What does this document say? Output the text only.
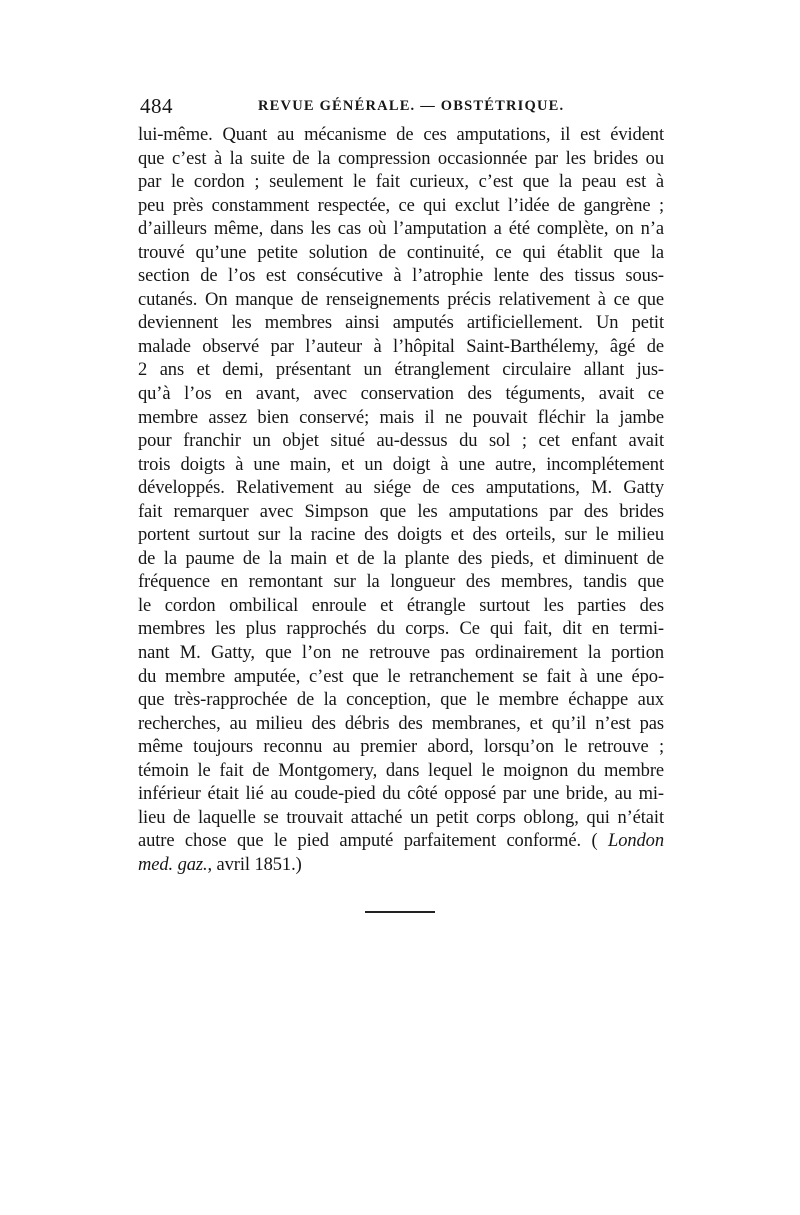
484	REVUE GÉNÉRALE. — OBSTÉTRIQUE.
lui-même. Quant au mécanisme de ces amputations, il est évident
que c’est à la suite de la compression occasionnée par les brides ou
par le cordon ; seulement le fait curieux, c’est que la peau est à
peu près constamment respectée, ce qui exclut l’idée de gangrène ;
d’ailleurs même, dans les cas où l’amputation a été complète, on n’a
trouvé qu’une petite solution de continuité, ce qui établit que la
section de l’os est consécutive à l’atrophie lente des tissus sous-
cutanés. On manque de renseignements précis relativement à ce que
deviennent les membres ainsi amputés artificiellement. Un petit
malade observé par l’auteur à l’hôpital Saint-Barthélemy, âgé de
2 ans et demi, présentant un étranglement circulaire allant jus-
qu’à l’os en avant, avec conservation des téguments, avait ce
membre assez bien conservé; mais il ne pouvait fléchir la jambe
pour franchir un objet situé au-dessus du sol ; cet enfant avait
trois doigts à une main, et un doigt à une autre, incomplétement
développés. Relativement au siége de ces amputations, M. Gatty
fait remarquer avec Simpson que les amputations par des brides
portent surtout sur la racine des doigts et des orteils, sur le milieu
de la paume de la main et de la plante des pieds, et diminuent de
fréquence en remontant sur la longueur des membres, tandis que
le cordon ombilical enroule et étrangle surtout les parties des
membres les plus rapprochés du corps. Ce qui fait, dit en termi-
nant M. Gatty, que l’on ne retrouve pas ordinairement la portion
du membre amputée, c’est que le retranchement se fait à une épo-
que très-rapprochée de la conception, que le membre échappe aux
recherches, au milieu des débris des membranes, et qu’il n’est pas
même toujours reconnu au premier abord, lorsqu’on le retrouve ;
témoin le fait de Montgomery, dans lequel le moignon du membre
inférieur était lié au coude-pied du côté opposé par une bride, au mi-
lieu de laquelle se trouvait attaché un petit corps oblong, qui n’était
autre chose que le pied amputé parfaitement conformé. ( London
med. gaz., avril 1851.)
